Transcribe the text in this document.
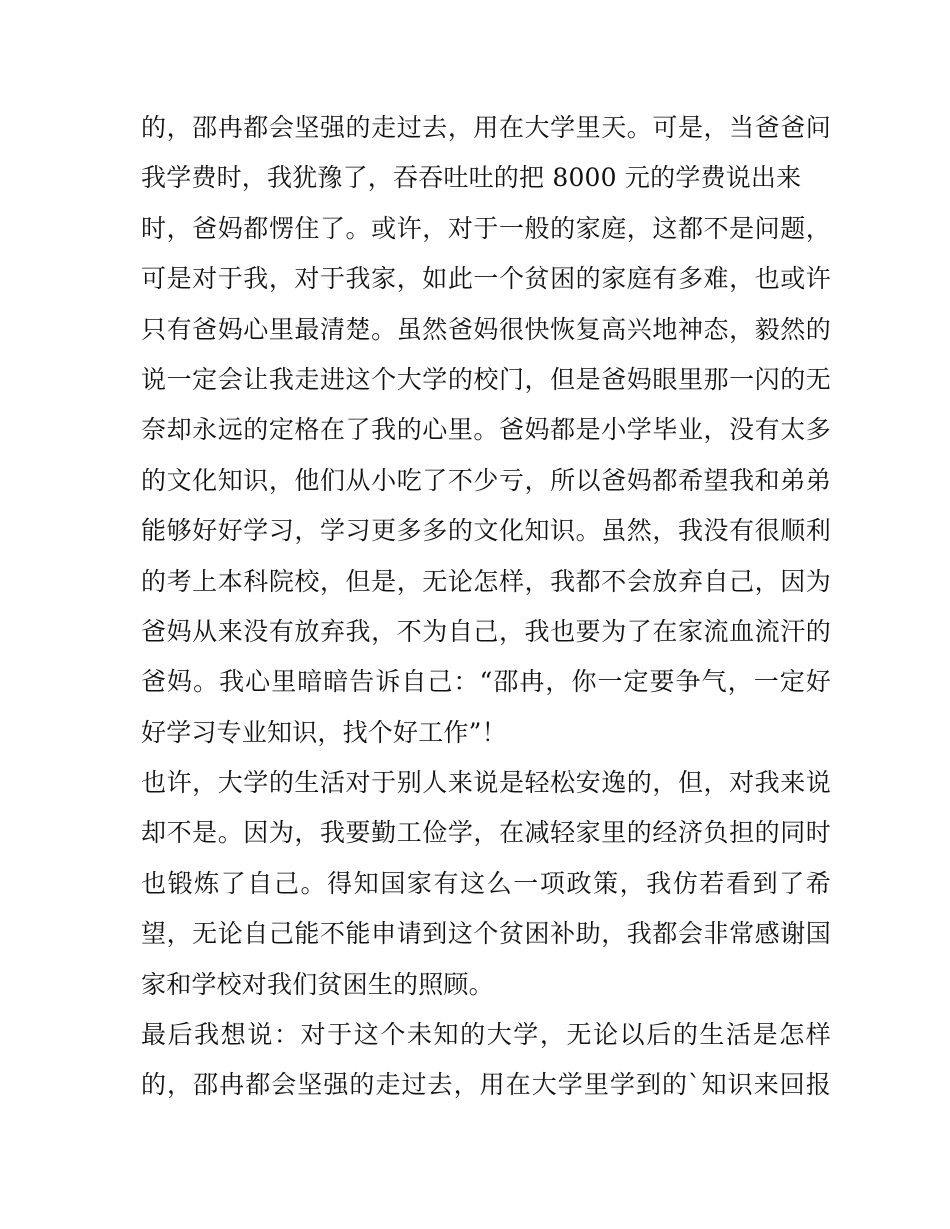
的，邵冉都会坚强的走过去，用在大学里天。可是，当爸爸问
我学费时，我犹豫了，吞吞吐吐的把 8000 元的学费说出来
时，爸妈都愣住了。或许，对于一般的家庭，这都不是问题，
可是对于我，对于我家，如此一个贫困的家庭有多难，也或许
只有爸妈心里最清楚。虽然爸妈很快恢复高兴地神态，毅然的
说一定会让我走进这个大学的校门，但是爸妈眼里那一闪的无
奈却永远的定格在了我的心里。爸妈都是小学毕业，没有太多
的文化知识，他们从小吃了不少亏，所以爸妈都希望我和弟弟
能够好好学习，学习更多多的文化知识。虽然，我没有很顺利
的考上本科院校，但是，无论怎样，我都不会放弃自己，因为
爸妈从来没有放弃我，不为自己，我也要为了在家流血流汗的
爸妈。我心里暗暗告诉自己：“邵冉，你一定要争气，一定好
好学习专业知识，找个好工作”！
也许，大学的生活对于别人来说是轻松安逸的，但，对我来说
却不是。因为，我要勤工俭学，在减轻家里的经济负担的同时
也锻炼了自己。得知国家有这么一项政策，我仿若看到了希
望，无论自己能不能申请到这个贫困补助，我都会非常感谢国
家和学校对我们贫困生的照顾。
最后我想说：对于这个未知的大学，无论以后的生活是怎样
的，邵冉都会坚强的走过去，用在大学里学到的`知识来回报
